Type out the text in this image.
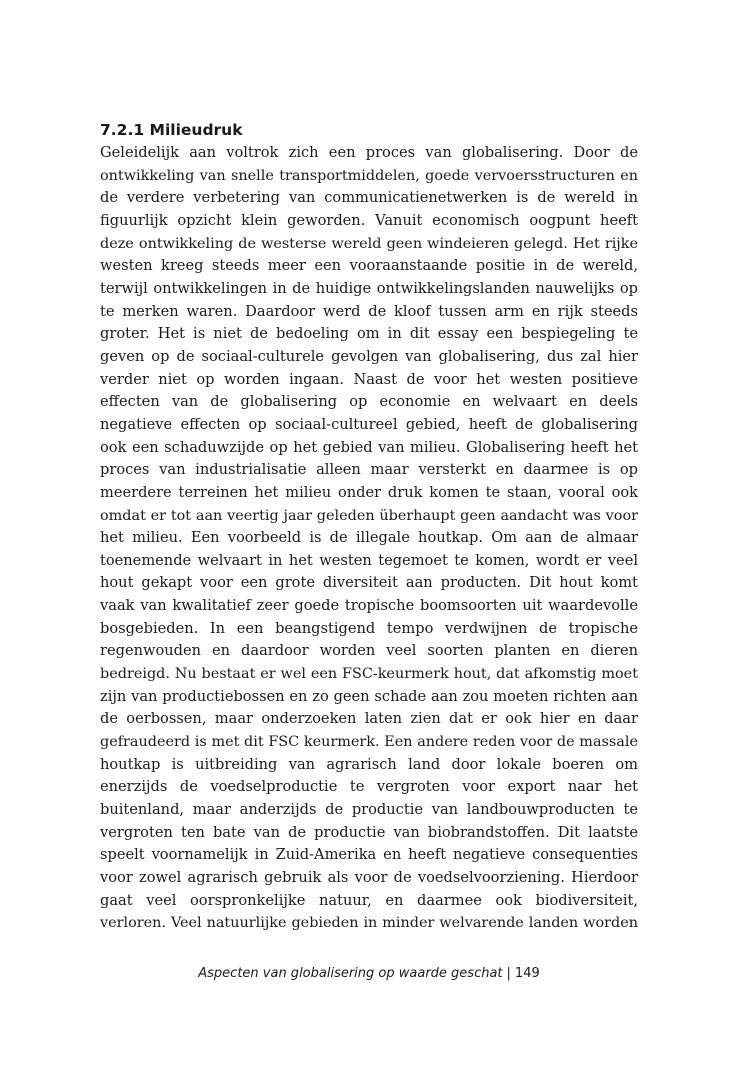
7.2.1 Milieudruk
Geleidelijk aan voltrok zich een proces van globalisering. Door de
ontwikkeling van snelle transportmiddelen, goede vervoersstructuren en
de verdere verbetering van communicatienetwerken is de wereld in
figuurlijk opzicht klein geworden. Vanuit economisch oogpunt heeft
deze ontwikkeling de westerse wereld geen windeieren gelegd. Het rijke
westen kreeg steeds meer een vooraanstaande positie in de wereld,
terwijl ontwikkelingen in de huidige ontwikkelingslanden nauwelijks op
te merken waren. Daardoor werd de kloof tussen arm en rijk steeds
groter. Het is niet de bedoeling om in dit essay een bespiegeling te
geven op de sociaal-culturele gevolgen van globalisering, dus zal hier
verder niet op worden ingaan. Naast de voor het westen positieve
effecten van de globalisering op economie en welvaart en deels
negatieve effecten op sociaal-cultureel gebied, heeft de globalisering
ook een schaduwzijde op het gebied van milieu. Globalisering heeft het
proces van industrialisatie alleen maar versterkt en daarmee is op
meerdere terreinen het milieu onder druk komen te staan, vooral ook
omdat er tot aan veertig jaar geleden überhaupt geen aandacht was voor
het milieu. Een voorbeeld is de illegale houtkap. Om aan de almaar
toenemende welvaart in het westen tegemoet te komen, wordt er veel
hout gekapt voor een grote diversiteit aan producten. Dit hout komt
vaak van kwalitatief zeer goede tropische boomsoorten uit waardevolle
bosgebieden. In een beangstigend tempo verdwijnen de tropische
regenwouden en daardoor worden veel soorten planten en dieren
bedreigd. Nu bestaat er wel een FSC-keurmerk hout, dat afkomstig moet
zijn van productiebossen en zo geen schade aan zou moeten richten aan
de oerbossen, maar onderzoeken laten zien dat er ook hier en daar
gefraudeerd is met dit FSC keurmerk. Een andere reden voor de massale
houtkap is uitbreiding van agrarisch land door lokale boeren om
enerzijds de voedselproductie te vergroten voor export naar het
buitenland, maar anderzijds de productie van landbouwproducten te
vergroten ten bate van de productie van biobrandstoffen. Dit laatste
speelt voornamelijk in Zuid-Amerika en heeft negatieve consequenties
voor zowel agrarisch gebruik als voor de voedselvoorziening. Hierdoor
gaat veel oorspronkelijke natuur, en daarmee ook biodiversiteit,
verloren. Veel natuurlijke gebieden in minder welvarende landen worden
Aspecten van globalisering op waarde geschat | 149
